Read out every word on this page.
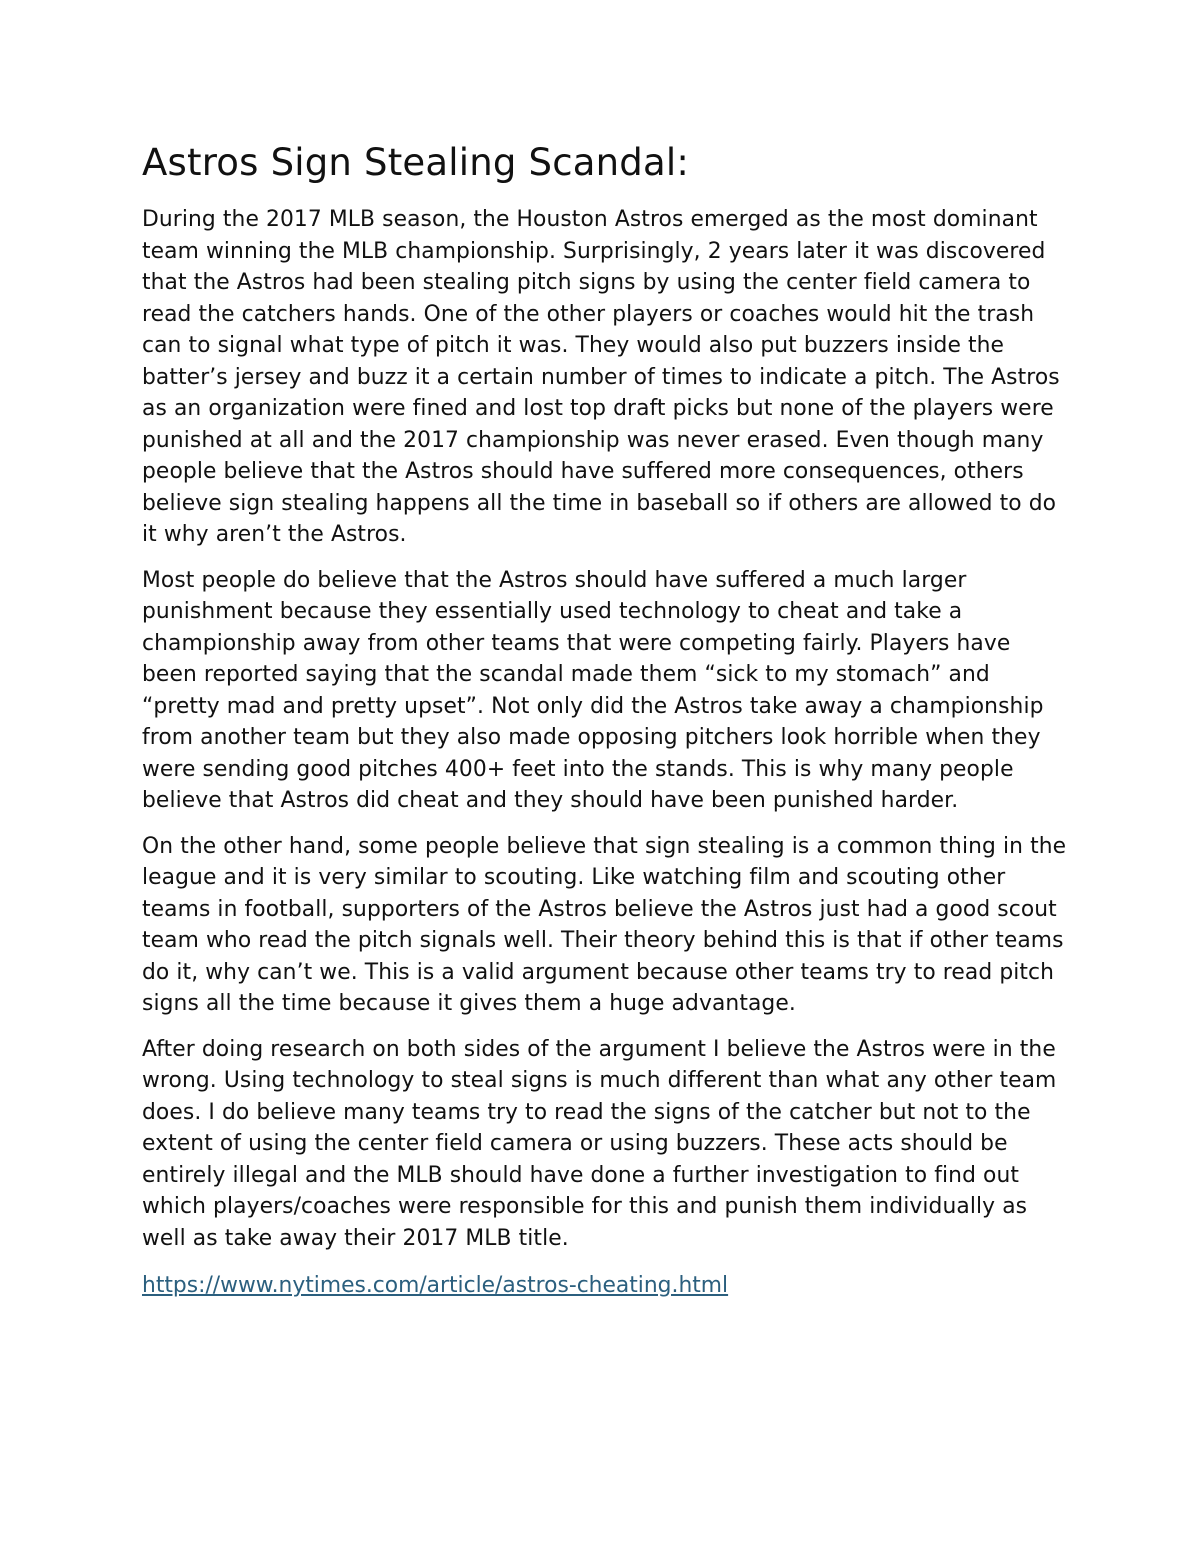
Astros Sign Stealing Scandal:

During the 2017 MLB season, the Houston Astros emerged as the most dominant team winning the MLB championship. Surprisingly, 2 years later it was discovered that the Astros had been stealing pitch signs by using the center field camera to read the catchers hands. One of the other players or coaches would hit the trash can to signal what type of pitch it was. They would also put buzzers inside the batter’s jersey and buzz it a certain number of times to indicate a pitch. The Astros as an organization were fined and lost top draft picks but none of the players were punished at all and the 2017 championship was never erased. Even though many people believe that the Astros should have suffered more consequences, others believe sign stealing happens all the time in baseball so if others are allowed to do it why aren’t the Astros.

Most people do believe that the Astros should have suffered a much larger punishment because they essentially used technology to cheat and take a championship away from other teams that were competing fairly. Players have been reported saying that the scandal made them “sick to my stomach” and “pretty mad and pretty upset”. Not only did the Astros take away a championship from another team but they also made opposing pitchers look horrible when they were sending good pitches 400+ feet into the stands. This is why many people believe that Astros did cheat and they should have been punished harder.

On the other hand, some people believe that sign stealing is a common thing in the league and it is very similar to scouting. Like watching film and scouting other teams in football, supporters of the Astros believe the Astros just had a good scout team who read the pitch signals well. Their theory behind this is that if other teams do it, why can’t we. This is a valid argument because other teams try to read pitch signs all the time because it gives them a huge advantage.

After doing research on both sides of the argument I believe the Astros were in the wrong. Using technology to steal signs is much different than what any other team does. I do believe many teams try to read the signs of the catcher but not to the extent of using the center field camera or using buzzers. These acts should be entirely illegal and the MLB should have done a further investigation to find out which players/coaches were responsible for this and punish them individually as well as take away their 2017 MLB title.

https://www.nytimes.com/article/astros-cheating.html
